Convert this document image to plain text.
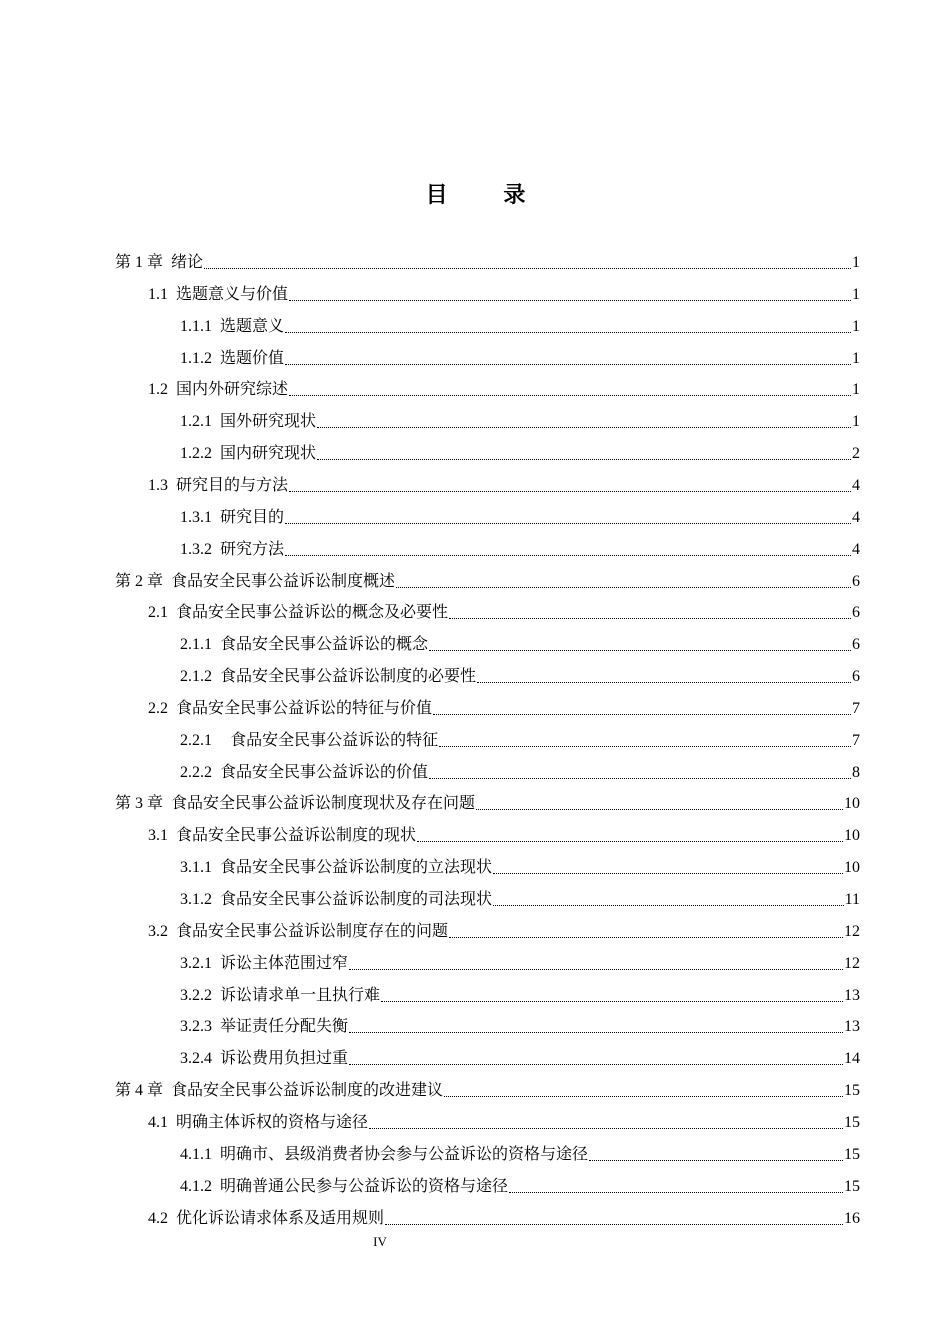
目 录
第 1 章 绪论	1
1.1 选题意义与价值	1
1.1.1 选题意义	1
1.1.2 选题价值	1
1.2 国内外研究综述	1
1.2.1 国外研究现状	1
1.2.2 国内研究现状	2
1.3 研究目的与方法	4
1.3.1 研究目的	4
1.3.2 研究方法	4
第 2 章 食品安全民事公益诉讼制度概述	6
2.1 食品安全民事公益诉讼的概念及必要性	6
2.1.1 食品安全民事公益诉讼的概念	6
2.1.2 食品安全民事公益诉讼制度的必要性	6
2.2 食品安全民事公益诉讼的特征与价值	7
2.2.1  食品安全民事公益诉讼的特征	7
2.2.2 食品安全民事公益诉讼的价值	8
第 3 章 食品安全民事公益诉讼制度现状及存在问题	10
3.1 食品安全民事公益诉讼制度的现状	10
3.1.1 食品安全民事公益诉讼制度的立法现状	10
3.1.2 食品安全民事公益诉讼制度的司法现状	11
3.2 食品安全民事公益诉讼制度存在的问题	12
3.2.1 诉讼主体范围过窄	12
3.2.2 诉讼请求单一且执行难	13
3.2.3 举证责任分配失衡	13
3.2.4 诉讼费用负担过重	14
第 4 章 食品安全民事公益诉讼制度的改进建议	15
4.1 明确主体诉权的资格与途径	15
4.1.1 明确市、县级消费者协会参与公益诉讼的资格与途径	15
4.1.2 明确普通公民参与公益诉讼的资格与途径	15
4.2 优化诉讼请求体系及适用规则	16
IV
